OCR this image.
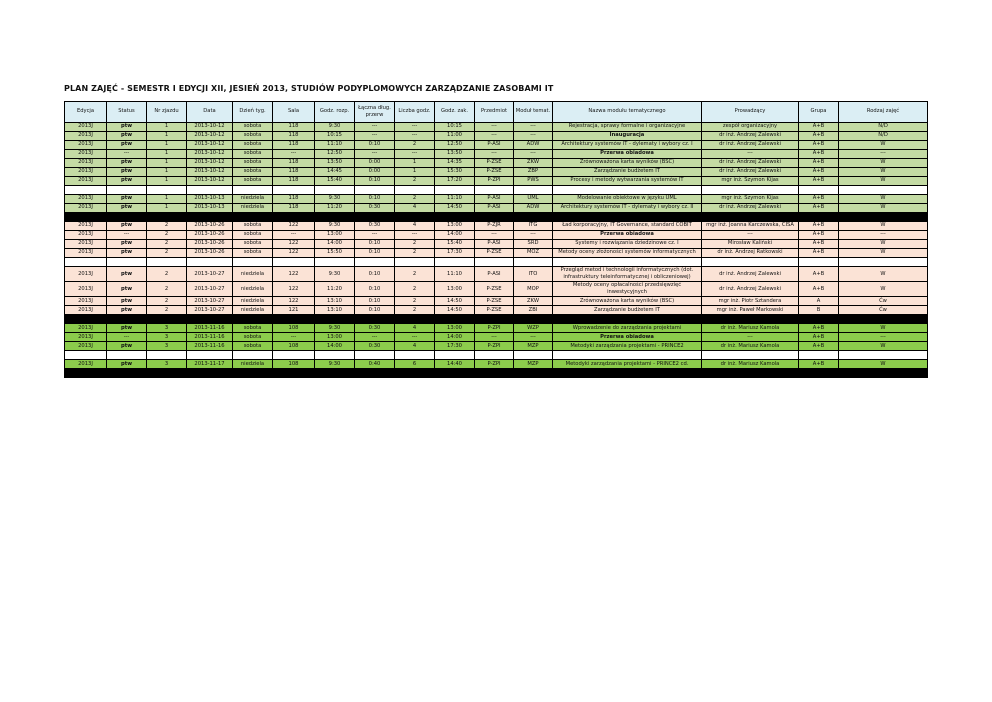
PLAN ZAJĘĆ - SEMESTR I EDYCJI XII, JESIEŃ 2013, STUDIÓW PODYPLOMOWYCH ZARZĄDZANIE ZASOBAMI IT
Edycja	Status	Nr zjazdu	Data	Dzień tyg.	Sala	Godz. rozp.	Łączna dług. przerw	Liczba godz.	Godz. zak.	Przedmiot	Moduł temat.	Nazwa modułu tematycznego	Prowadzący	Grupa	Rodzaj zajęć
2013J	ptw	1	2013-10-12	sobota	118	9:30	---	---	10:15	---	---	Rejestracja, sprawy formalne i organizacyjne	zespół organizacyjny	A+B	N/D
2013J	ptw	1	2013-10-12	sobota	118	10:15	---	---	11:00	---	---	Inauguracja	dr inż. Andrzej Zalewski	A+B	N/D
2013J	ptw	1	2013-10-12	sobota	118	11:10	0:10	2	12:50	P-ASI	ADW	Architektury systemów IT - dylematy i wybory cz. I	dr inż. Andrzej Zalewski	A+B	W
2013J	---	1	2013-10-12	sobota	---	12:50	---	---	13:50	---	---	Przerwa obiadowa	---	A+B	---
2013J	ptw	1	2013-10-12	sobota	118	13:50	0:00	1	14:35	P-ZSE	ZKW	Zrównoważona karta wyników (BSC)	dr inż. Andrzej Zalewski	A+B	W
2013J	ptw	1	2013-10-12	sobota	118	14:45	0:00	1	15:30	P-ZSE	ZBP	Zarządzanie budżetem IT	dr inż. Andrzej Zalewski	A+B	W
2013J	ptw	1	2013-10-12	sobota	118	15:40	0:10	2	17:20	P-ZPI	PWS	Procesy i metody wytwarzania systemów IT	mgr inż. Szymon Kijas	A+B	W

2013J	ptw	1	2013-10-13	niedziela	118	9:30	0:10	2	11:10	P-ASI	UML	Modelowanie obiektowe w języku UML	mgr inż. Szymon Kijas	A+B	W
2013J	ptw	1	2013-10-13	niedziela	118	11:20	0:30	4	14:50	P-ASI	ADW	Architektury systemów IT - dylematy i wybory cz. II	dr inż. Andrzej Zalewski	A+B	W

2013J	ptw	2	2013-10-26	sobota	122	9:30	0:30	4	13:00	P-ZJR	ITG	Ład korporacyjny, IT Governance, standard COBIT	mgr inż. Joanna Karczewska, CISA	A+B	W
2013J	---	2	2013-10-26	sobota	---	13:00	---	---	14:00	---	---	Przerwa obiadowa	---	A+B	---
2013J	ptw	2	2013-10-26	sobota	122	14:00	0:10	2	15:40	P-ASI	SRD	Systemy i rozwiązania dziedzinowe cz. I	Mirosław Kaliński	A+B	W
2013J	ptw	2	2013-10-26	sobota	122	15:50	0:10	2	17:30	P-ZSE	MOZ	Metody oceny złożoności systemów informatycznych	dr inż. Andrzej Ratkowski	A+B	W

2013J	ptw	2	2013-10-27	niedziela	122	9:30	0:10	2	11:10	P-ASI	ITO	Przegląd metod i technologii informatycznych (dot. infrastruktury teleinformatycznej i obliczeniowej)	dr inż. Andrzej Zalewski	A+B	W
2013J	ptw	2	2013-10-27	niedziela	122	11:20	0:10	2	13:00	P-ZSE	MOP	Metody oceny opłacalności przedsięwzięć inwestycyjnych	dr inż. Andrzej Zalewski	A+B	W
2013J	ptw	2	2013-10-27	niedziela	122	13:10	0:10	2	14:50	P-ZSE	ZKW	Zrównoważona karta wyników (BSC)	mgr inż. Piotr Sztandera	A	Ćw
2013J	ptw	2	2013-10-27	niedziela	121	13:10	0:10	2	14:50	P-ZSE	ZBI	Zarządzanie budżetem IT	mgr inż. Paweł Markowski	B	Ćw

2013J	ptw	3	2013-11-16	sobota	108	9:30	0:30	4	13:00	P-ZPI	WZP	Wprowadzenie do zarządzania projektami	dr inż. Mariusz Kamola	A+B	W
2013J	---	3	2013-11-16	sobota	---	13:00	---	---	14:00	---	---	Przerwa obiadowa	---	A+B	---
2013J	ptw	3	2013-11-16	sobota	108	14:00	0:30	4	17:30	P-ZPI	MZP	Metodyki zarządzania projektami - PRINCE2	dr inż. Mariusz Kamola	A+B	W

2013J	ptw	3	2013-11-17	niedziela	108	9:30	0:40	6	14:40	P-ZPI	MZP	Metodyki zarządzania projektami - PRINCE2 cd.	dr inż. Mariusz Kamola	A+B	W
